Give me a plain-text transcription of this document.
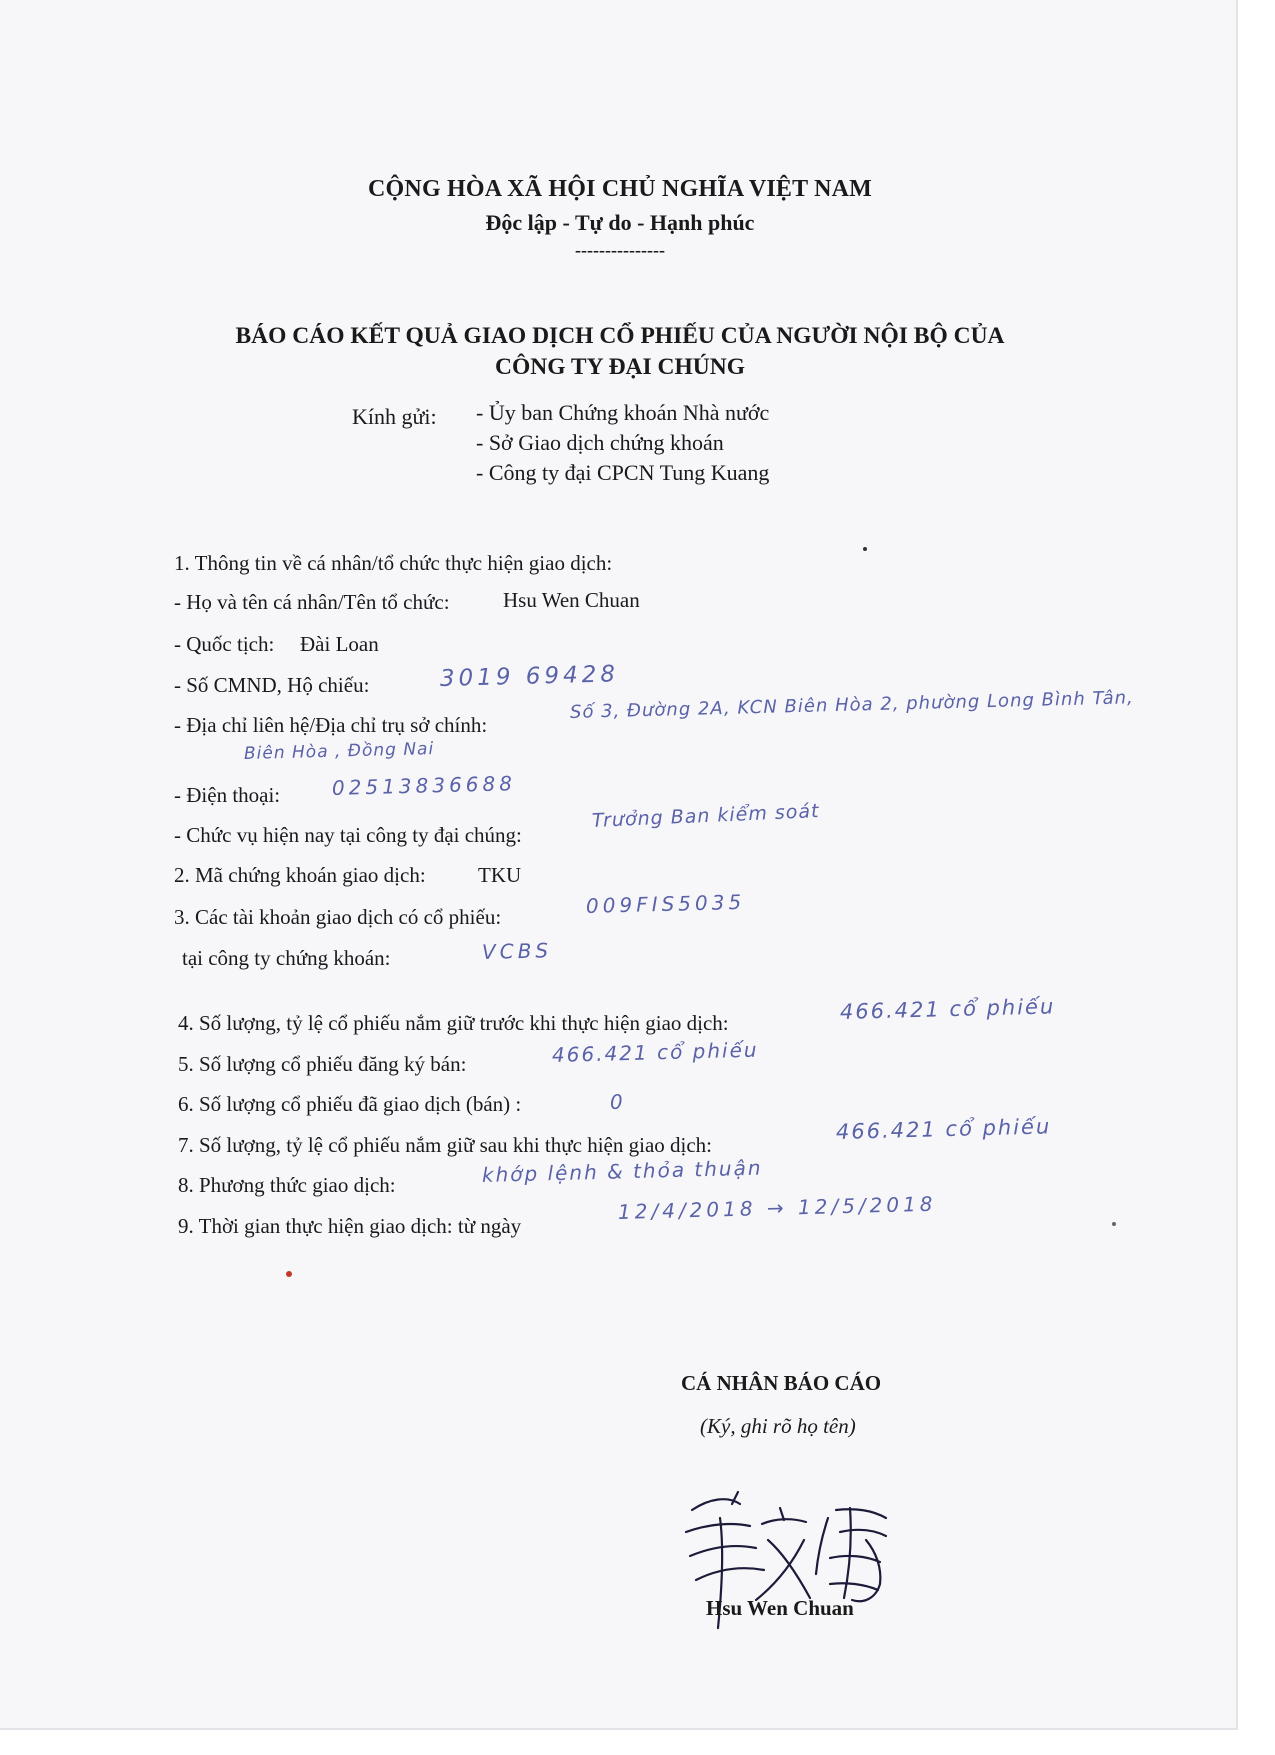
CỘNG HÒA XÃ HỘI CHỦ NGHĨA VIỆT NAM
Độc lập - Tự do - Hạnh phúc
---------------
BÁO CÁO KẾT QUẢ GIAO DỊCH CỔ PHIẾU CỦA NGƯỜI NỘI BỘ CỦA
CÔNG TY ĐẠI CHÚNG
Kính gửi: - Ủy ban Chứng khoán Nhà nước
- Sở Giao dịch chứng khoán
- Công ty đại CPCN Tung Kuang
1. Thông tin về cá nhân/tổ chức thực hiện giao dịch:
- Họ và tên cá nhân/Tên tổ chức:	Hsu Wen Chuan
- Quốc tịch: Đài Loan
- Số CMND, Hộ chiếu:	3019 69428
- Địa chỉ liên hệ/Địa chỉ trụ sở chính:
Số 3, Đường 2A, KCN Biên Hòa 2, phường Long Bình Tân,
Biên Hòa , Đồng Nai
- Điện thoại:	02513836688
- Chức vụ hiện nay tại công ty đại chúng:
Trưởng Ban kiểm soát
2. Mã chứng khoán giao dịch: TKU
3. Các tài khoản giao dịch có cổ phiếu:	009FIS5035
tại công ty chứng khoán:	VCBS
4. Số lượng, tỷ lệ cổ phiếu nắm giữ trước khi thực hiện giao dịch:	466.421 cổ phiếu
5. Số lượng cổ phiếu đăng ký bán:	466.421 cổ phiếu
6. Số lượng cổ phiếu đã giao dịch (bán) :	0
7. Số lượng, tỷ lệ cổ phiếu nắm giữ sau khi thực hiện giao dịch:
466.421 cổ phiếu
8. Phương thức giao dịch:	khớp lệnh & thỏa thuận
9. Thời gian thực hiện giao dịch: từ ngày
12/4/2018 → 12/5/2018
CÁ NHÂN BÁO CÁO
(Ký, ghi rõ họ tên)
Hsu Wen Chuan
